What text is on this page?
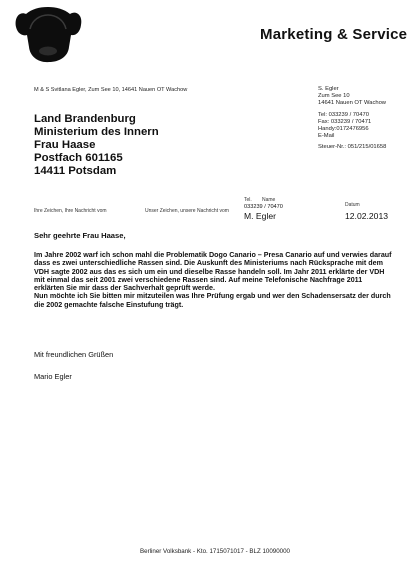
Marketing & Service
M & S Svitlana Egler, Zum See 10, 14641 Nauen OT Wachow
Land Brandenburg
Ministerium des Innern
Frau Haase
Postfach 601165
14411 Potsdam
S. Egler
Zum See 10
14641 Nauen OT Wachow
Tel: 033239 / 70470
Fax: 033239 / 70471
Handy:0172476956
E-Mail
Steuer-Nr.: 051/215/01658
Ihre Zeichen, Ihre Nachricht vom	Unser Zeichen, unsere Nachricht vom
Tel. Name
033239 / 70470
M. Egler
Datum
12.02.2013
Sehr geehrte Frau Haase,

Im Jahre 2002 warf ich schon mahl die Problematik Dogo Canario – Presa Canario auf und verwies darauf dass es zwei unterschiedliche Rassen sind. Die Auskunft des Ministeriums nach Rücksprache mit dem VDH sagte 2002 aus das es sich um ein und dieselbe Rasse handeln soll. Im Jahr 2011 erklärte der VDH mit einmal das seit 2001 zwei verschiedene Rassen sind. Auf meine Telefonische Nachfrage 2011 erklärten Sie mir dass der Sachverhalt geprüft werde.

Nun möchte ich Sie bitten mir mitzuteilen was Ihre Prüfung ergab und wer den Schadensersatz der durch die 2002 gemachte falsche Einstufung trägt.

Mit freundlichen Grüßen
Mario Egler
Berliner Volksbank - Kto. 1715071017 - BLZ 10090000
